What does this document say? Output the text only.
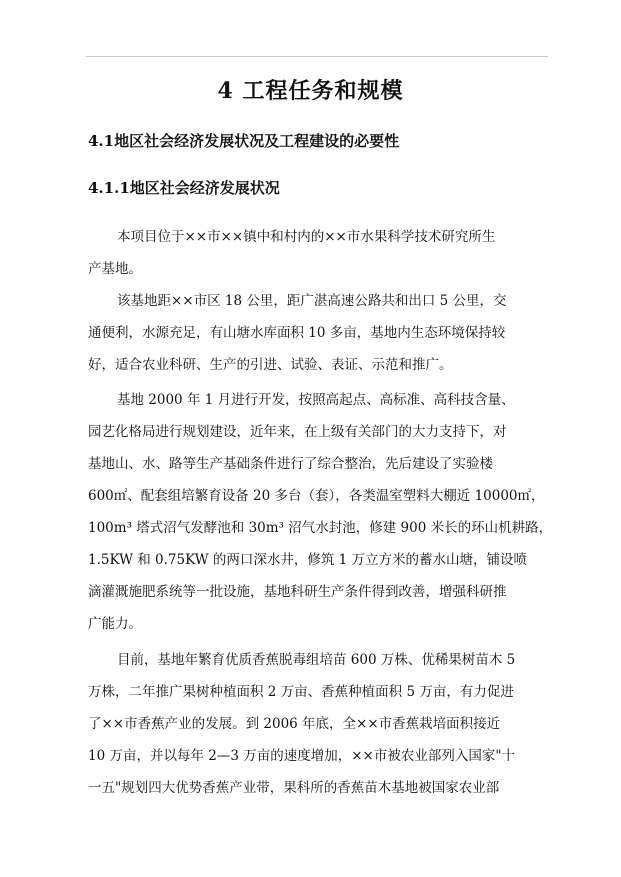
4 工程任务和规模
4.1地区社会经济发展状况及工程建设的必要性
4.1.1地区社会经济发展状况
本项目位于××市××镇中和村内的××市水果科学技术研究所生
产基地。
该基地距××市区 18 公里，距广湛高速公路共和出口 5 公里，交
通便利，水源充足，有山塘水库面积 10 多亩，基地内生态环境保持较
好，适合农业科研、生产的引进、试验、表证、示范和推广。
基地 2000 年 1 月进行开发，按照高起点、高标准、高科技含量、
园艺化格局进行规划建设，近年来，在上级有关部门的大力支持下，对
基地山、水、路等生产基础条件进行了综合整治，先后建设了实验楼
600㎡、配套组培繁育设备 20 多台（套），各类温室塑料大棚近 10000㎡，
100m³ 塔式沼气发酵池和 30m³ 沼气水封池，修建 900 米长的环山机耕路，
1.5KW 和 0.75KW 的两口深水井，修筑 1 万立方米的蓄水山塘，铺设喷
滴灌溉施肥系统等一批设施，基地科研生产条件得到改善，增强科研推
广能力。
目前，基地年繁育优质香蕉脱毒组培苗 600 万株、优稀果树苗木 5
万株，二年推广果树种植面积 2 万亩、香蕉种植面积 5 万亩，有力促进
了××市香蕉产业的发展。到 2006 年底，全××市香蕉栽培面积接近
10 万亩，并以每年 2—3 万亩的速度增加，××市被农业部列入国家"十
一五"规划四大优势香蕉产业带，果科所的香蕉苗木基地被国家农业部
